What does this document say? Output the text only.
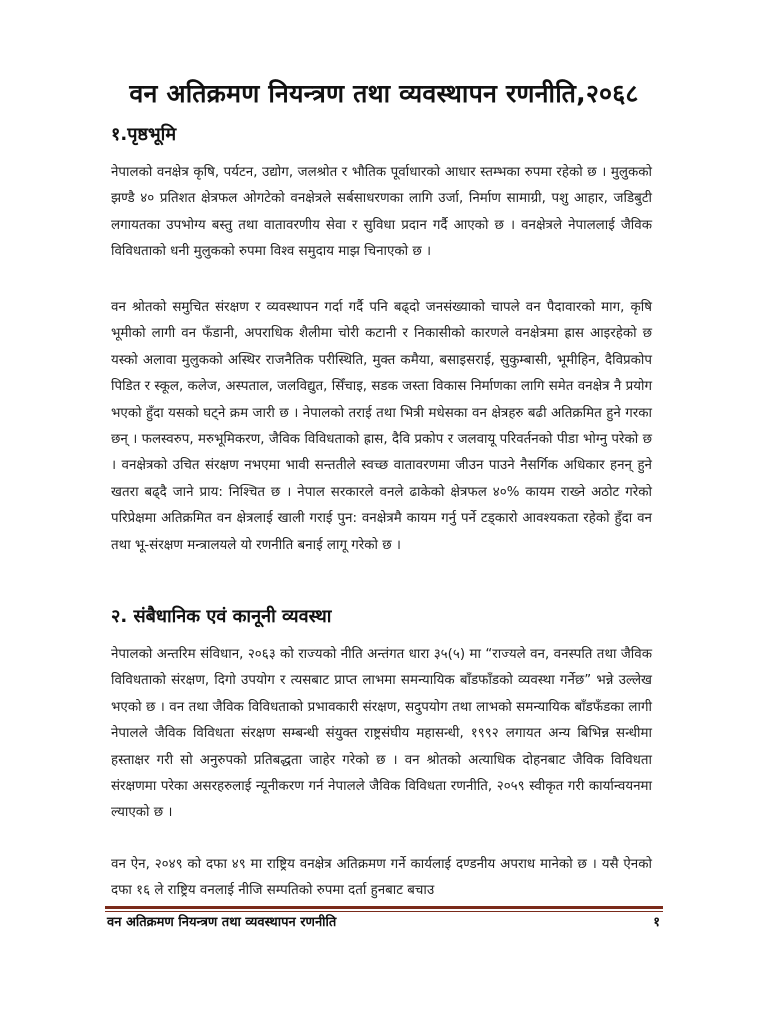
वन अतिक्रमण नियन्त्रण तथा व्यवस्थापन रणनीति,२०६८
१.पृष्ठभूमि

नेपालको वनक्षेत्र कृषि, पर्यटन, उद्योग, जलश्रोत र भौतिक पूर्वाधारको आधार स्तम्भका रुपमा रहेको छ । मुलुकको झण्डै ४० प्रतिशत क्षेत्रफल ओगटेको वनक्षेत्रले सर्बसाधरणका लागि उर्जा, निर्माण सामाग्री, पशु आहार, जडिबुटी लगायतका उपभोग्य बस्तु तथा वातावरणीय सेवा र सुविधा प्रदान गर्दै आएको छ । वनक्षेत्रले नेपाललाई जैविक विविधताको धनी मुलुकको रुपमा विश्व समुदाय माझ चिनाएको छ ।

वन श्रोतको समुचित संरक्षण र व्यवस्थापन गर्दा गर्दै पनि बढ्दो जनसंख्याको चापले वन पैदावारको माग, कृषि भूमीको लागी वन फँडानी, अपराधिक शैलीमा चोरी कटानी र निकासीको कारणले वनक्षेत्रमा ह्रास आइरहेको छ यस्को अलावा मुलुकको अस्थिर राजनैतिक परीस्थिति, मुक्त कमैया, बसाइसराई, सुकुम्बासी, भूमीहिन, दैविप्रकोप पिडित र स्कूल, कलेज, अस्पताल, जलविद्युत, सिँचाइ, सडक जस्ता विकास निर्माणका लागि समेत वनक्षेत्र नै प्रयोग भएको हुँदा यसको घट्ने क्रम जारी छ । नेपालको तराई तथा भित्री मधेसका वन क्षेत्रहरु बढी अतिक्रमित हुने गरका छन् । फलस्वरुप, मरुभूमिकरण, जैविक विविधताको ह्रास, दैवि प्रकोप र जलवायू परिवर्तनको पीडा भोग्नु परेको छ । वनक्षेत्रको उचित संरक्षण नभएमा भावी सन्ततीले स्वच्छ वातावरणमा जीउन पाउने नैसर्गिक अधिकार हनन् हुने खतरा बढ्दै जाने प्राय: निश्चित छ । नेपाल सरकारले वनले ढाकेको क्षेत्रफल ४०% कायम राख्ने अठोट गरेको परिप्रेक्षमा अतिक्रमित वन क्षेत्रलाई खाली गराई पुन: वनक्षेत्रमै कायम गर्नु पर्ने टड्कारो आवश्यकता रहेको हुँदा वन तथा भू-संरक्षण मन्त्रालयले यो रणनीति बनाई लागू गरेको छ ।

२. संबैधानिक एवं कानूनी व्यवस्था

नेपालको अन्तरिम संविधान, २०६३ को राज्यको नीति अन्तंगत धारा ३५(५) मा “राज्यले वन, वनस्पति तथा जैविक विविधताको संरक्षण, दिगो उपयोग र त्यसबाट प्राप्त लाभमा समन्यायिक बाँडफाँडको व्यवस्था गर्नेछ” भन्ने उल्लेख भएको छ । वन तथा जैविक विविधताको प्रभावकारी संरक्षण, सदुपयोग तथा लाभको समन्यायिक बाँडफँडका लागी नेपालले जैविक विविधता संरक्षण सम्बन्धी संयुक्त राष्ट्रसंघीय महासन्धी, १९९२ लगायत अन्य बिभिन्न सन्धीमा हस्ताक्षर गरी सो अनुरुपको प्रतिबद्धता जाहेर गरेको छ । वन श्रोतको अत्याधिक दोहनबाट जैविक विविधता संरक्षणमा परेका असरहरुलाई न्यूनीकरण गर्न नेपालले जैविक विविधता रणनीति, २०५९ स्वीकृत गरी कार्यान्वयनमा ल्याएको छ ।

वन ऐन, २०४९ को दफा ४९ मा राष्ट्रिय वनक्षेत्र अतिक्रमण गर्ने कार्यलाई दण्डनीय अपराध मानेको छ । यसै ऐनको दफा १६ ले राष्ट्रिय वनलाई नीजि सम्पतिको रुपमा दर्ता हुनबाट बचाउ

वन अतिक्रमण नियन्त्रण तथा व्यवस्थापन रणनीति	१
